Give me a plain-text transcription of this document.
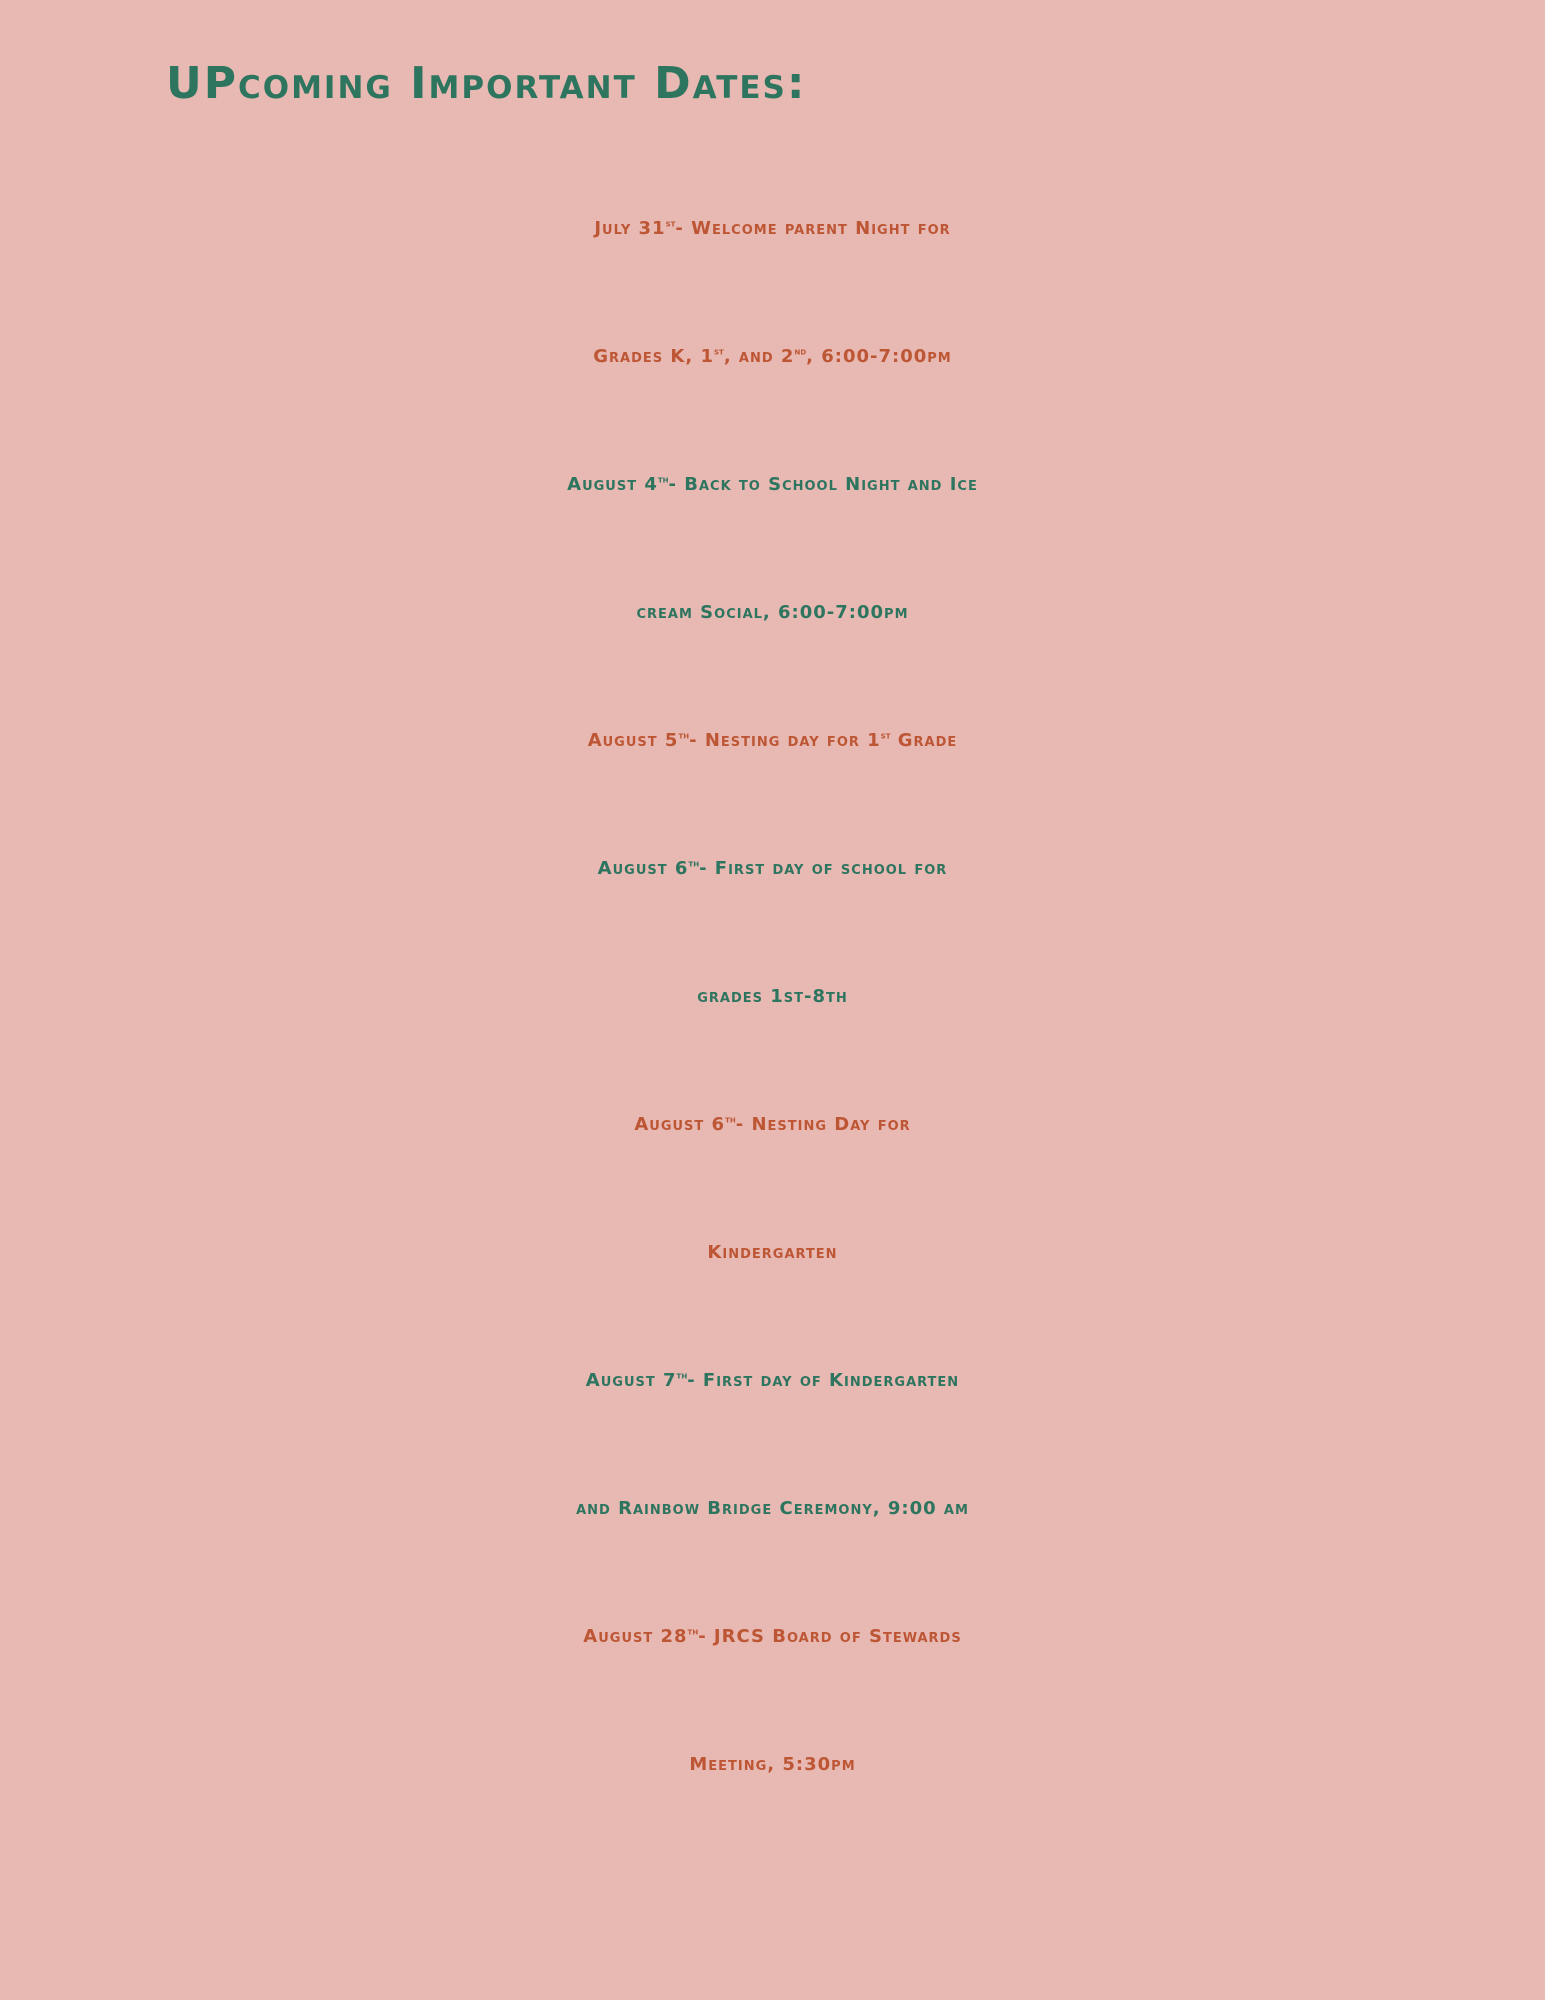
UPcoming Important Dates:
July 31st- Welcome parent Night for
Grades K, 1st, and 2nd, 6:00-7:00pm
August 4th- Back to School Night and Ice
cream Social, 6:00-7:00pm
August 5th- Nesting day for 1st Grade
August 6th- First day of school for
grades 1st-8th
August 6th- Nesting Day for
Kindergarten
August 7th- First day of Kindergarten
and Rainbow Bridge Ceremony, 9:00 am
August 28th- JRCS Board of Stewards
Meeting, 5:30pm
